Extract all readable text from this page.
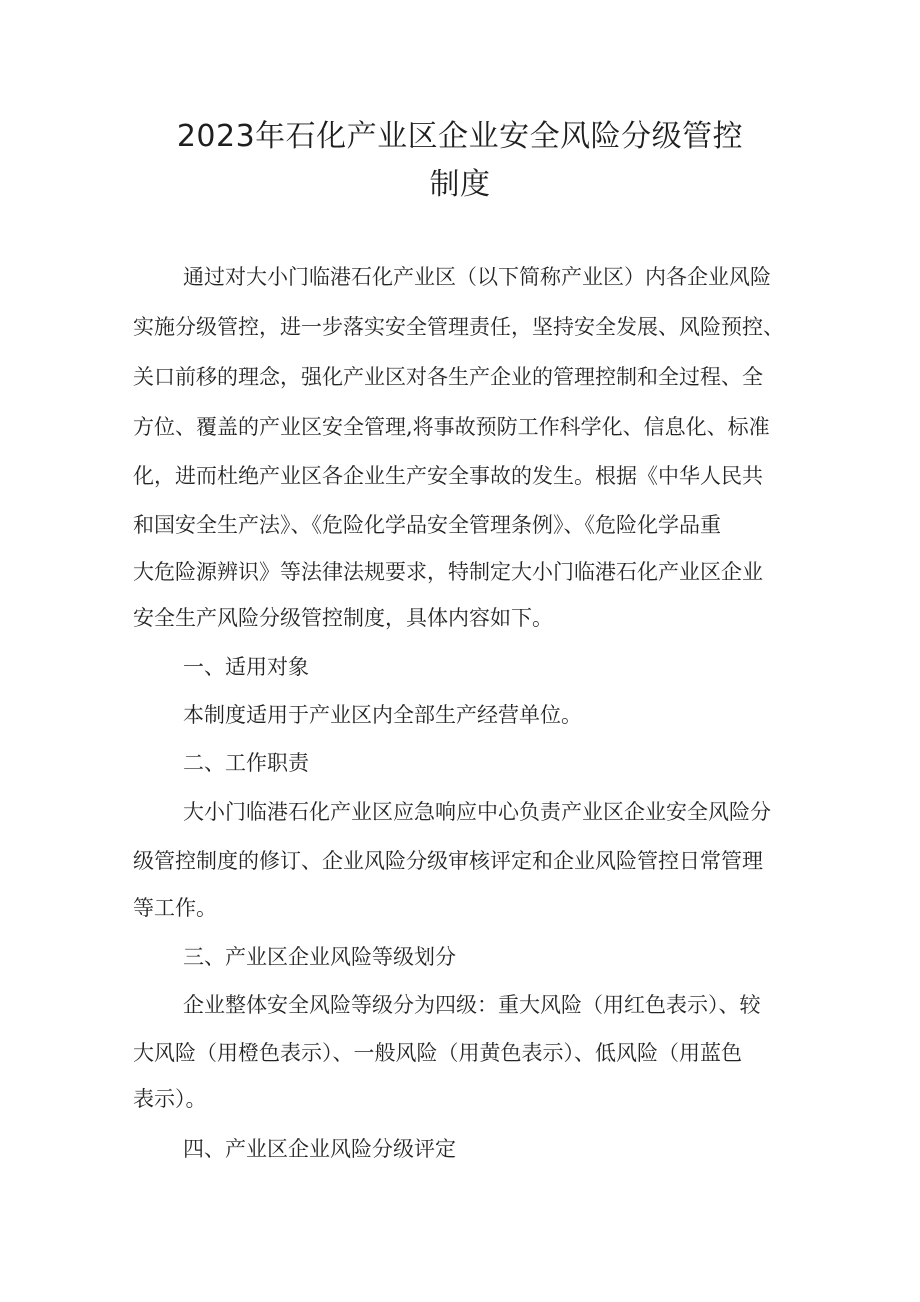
2023年石化产业区企业安全风险分级管控
制度
通过对大小门临港石化产业区（以下简称产业区）内各企业风险
实施分级管控，进一步落实安全管理责任，坚持安全发展、风险预控、
关口前移的理念，强化产业区对各生产企业的管理控制和全过程、全
方位、覆盖的产业区安全管理,将事故预防工作科学化、信息化、标准
化，进而杜绝产业区各企业生产安全事故的发生。根据《中华人民共
和国安全生产法》、《危险化学品安全管理条例》、《危险化学品重
大危险源辨识》等法律法规要求，特制定大小门临港石化产业区企业
安全生产风险分级管控制度，具体内容如下。
一、适用对象
本制度适用于产业区内全部生产经营单位。
二、工作职责
大小门临港石化产业区应急响应中心负责产业区企业安全风险分
级管控制度的修订、企业风险分级审核评定和企业风险管控日常管理
等工作。
三、产业区企业风险等级划分
企业整体安全风险等级分为四级：重大风险（用红色表示）、较
大风险（用橙色表示）、一般风险（用黄色表示）、低风险（用蓝色
表示）。
四、产业区企业风险分级评定
